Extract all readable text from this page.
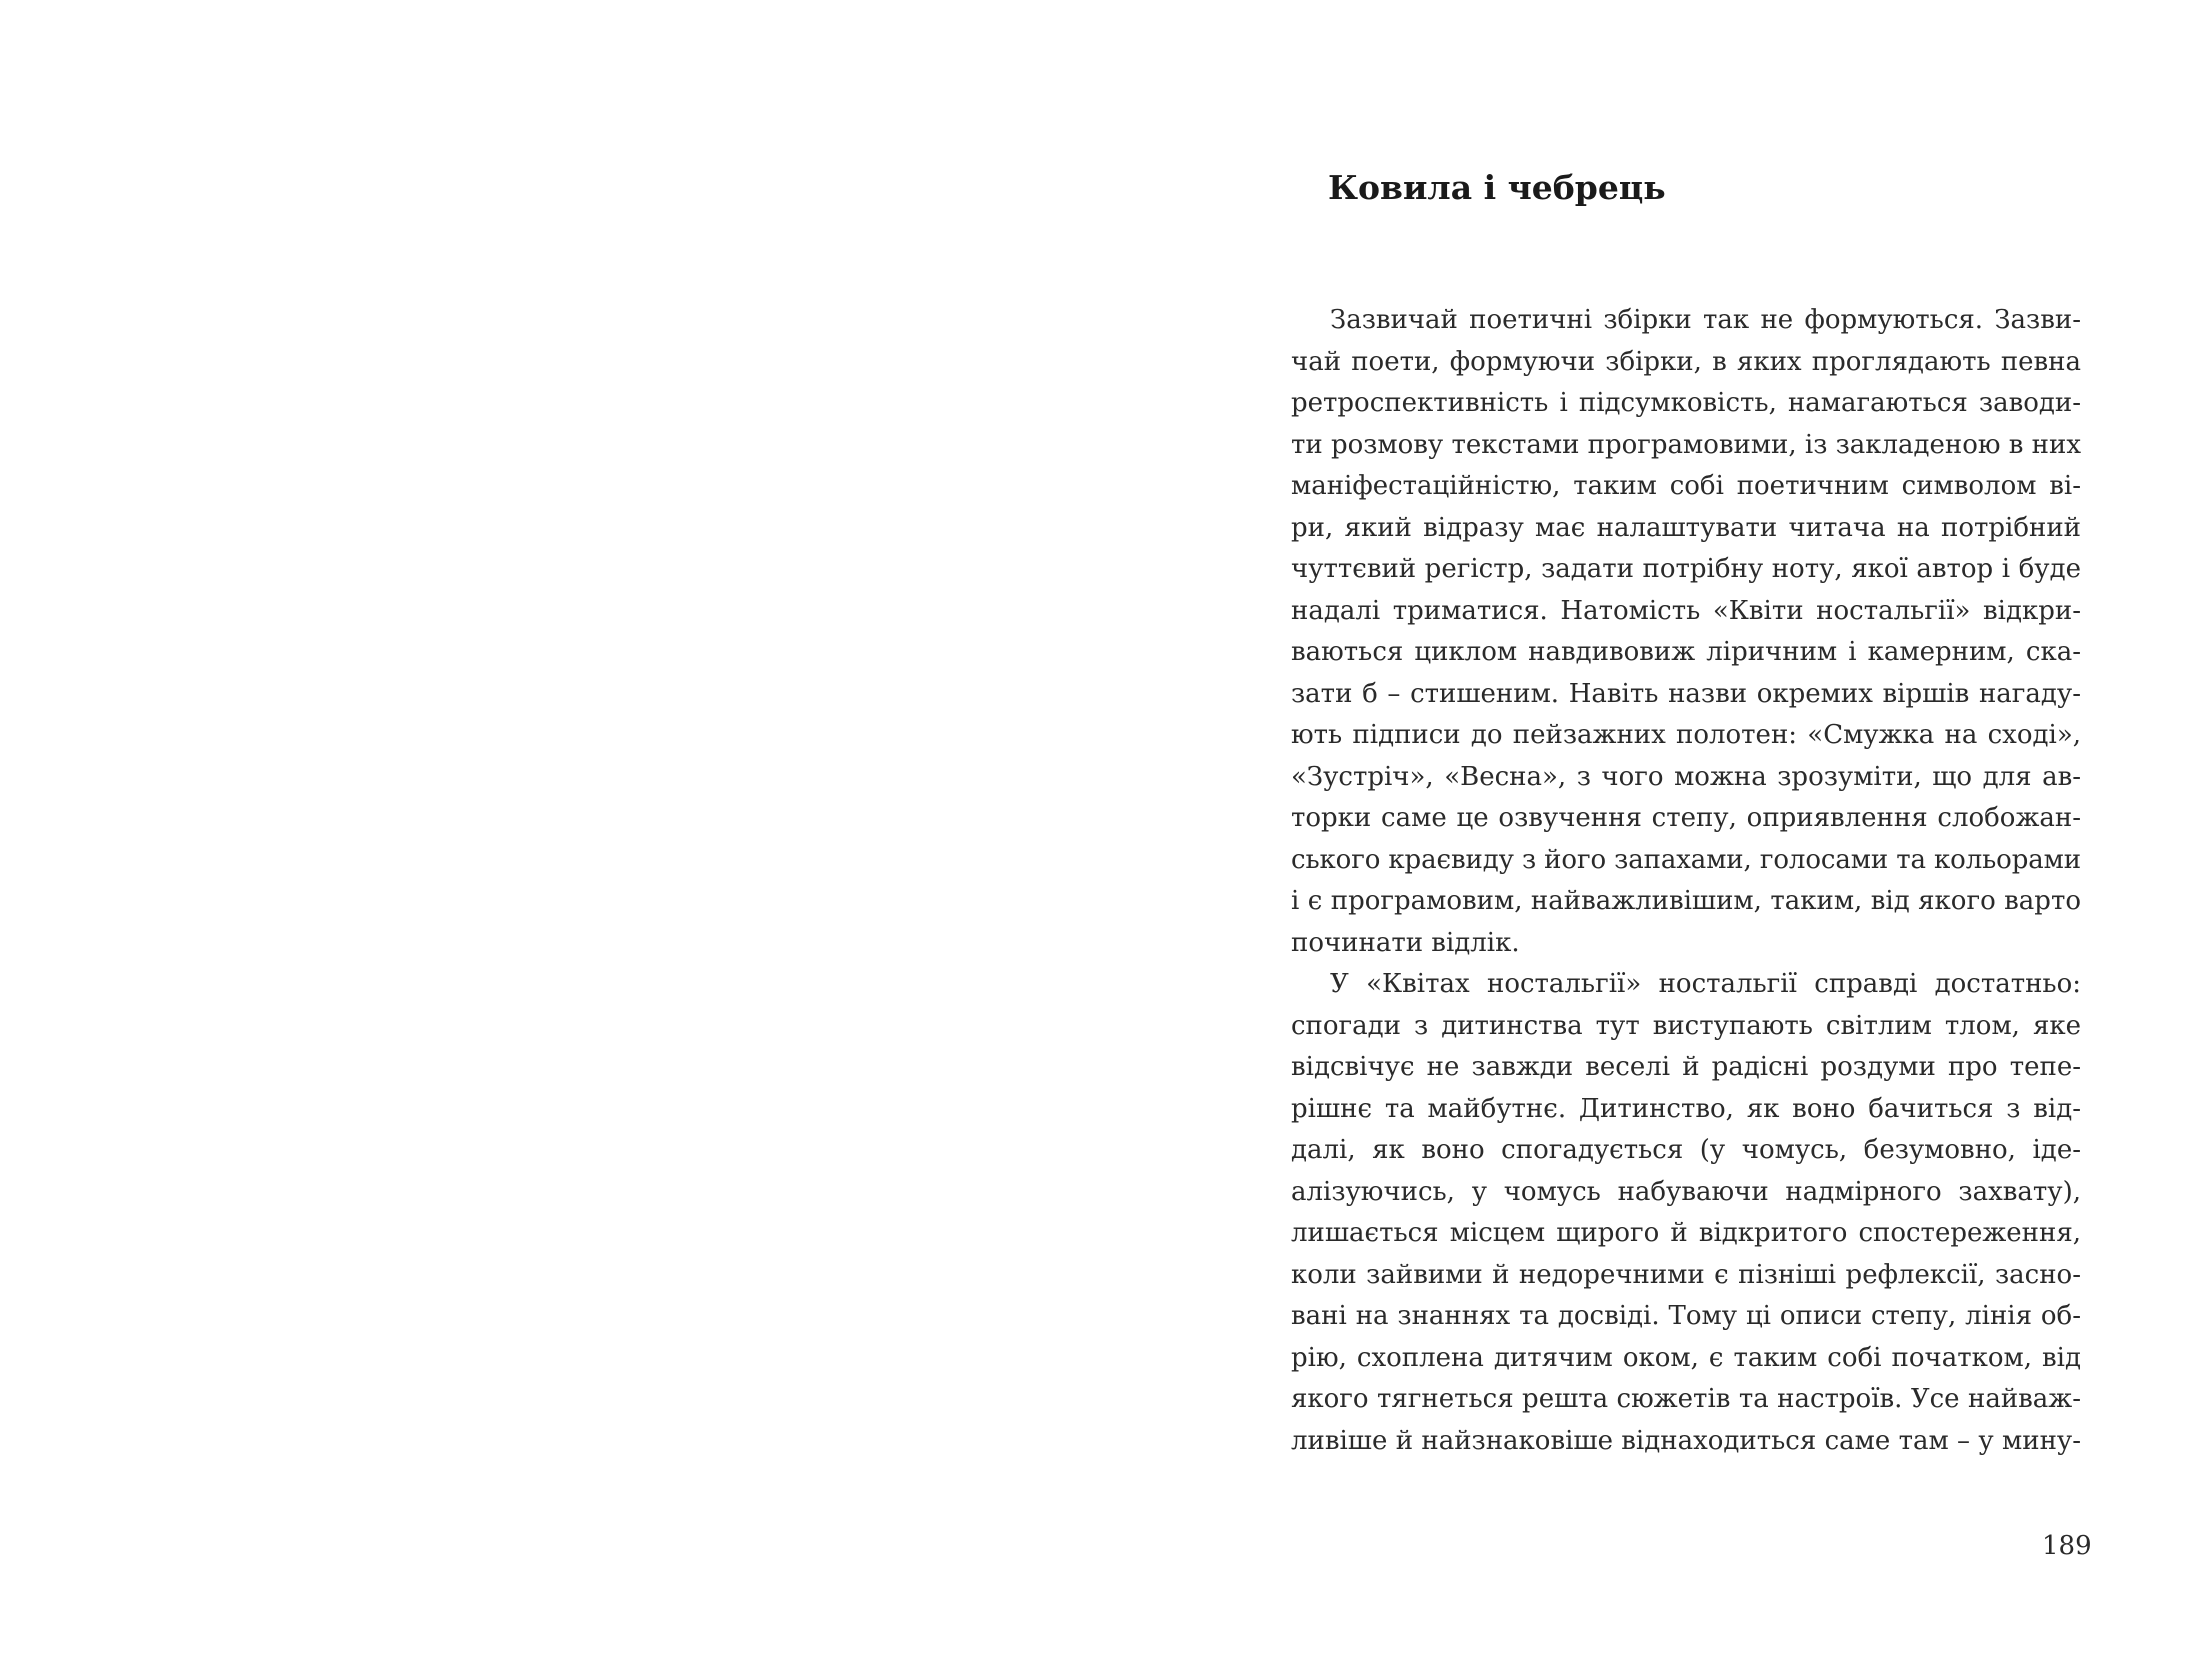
Ковила і чебрець
Зазвичай поетичні збірки так не формуються. Зазви-
чай поети, формуючи збірки, в яких проглядають певна
ретроспективність і підсумковість, намагаються заводи-
ти розмову текстами програмовими, із закладеною в них
маніфестаційністю, таким собі поетичним символом ві-
ри, який відразу має налаштувати читача на потрібний
чуттєвий регістр, задати потрібну ноту, якої автор і буде
надалі триматися. Натомість «Квіти ностальгії» відкри-
ваються циклом навдивовиж ліричним і камерним, ска-
зати б – стишеним. Навіть назви окремих віршів нагаду-
ють підписи до пейзажних полотен: «Смужка на сході»,
«Зустріч», «Весна», з чого можна зрозуміти, що для ав-
торки саме це озвучення степу, оприявлення слобожан-
ського краєвиду з його запахами, голосами та кольорами
і є програмовим, найважливішим, таким, від якого варто
починати відлік.
У «Квітах ностальгії» ностальгії справді достатньо:
спогади з дитинства тут виступають світлим тлом, яке
відсвічує не завжди веселі й радісні роздуми про тепе-
рішнє та майбутнє. Дитинство, як воно бачиться з від-
далі, як воно спогадується (у чомусь, безумовно, іде-
алізуючись, у чомусь набуваючи надмірного захвату),
лишається місцем щирого й відкритого спостереження,
коли зайвими й недоречними є пізніші рефлексії, засно-
вані на знаннях та досвіді. Тому ці описи степу, лінія об-
рію, схоплена дитячим оком, є таким собі початком, від
якого тягнеться решта сюжетів та настроїв. Усе найваж-
ливіше й найзнаковіше віднаходиться саме там – у мину-
189
